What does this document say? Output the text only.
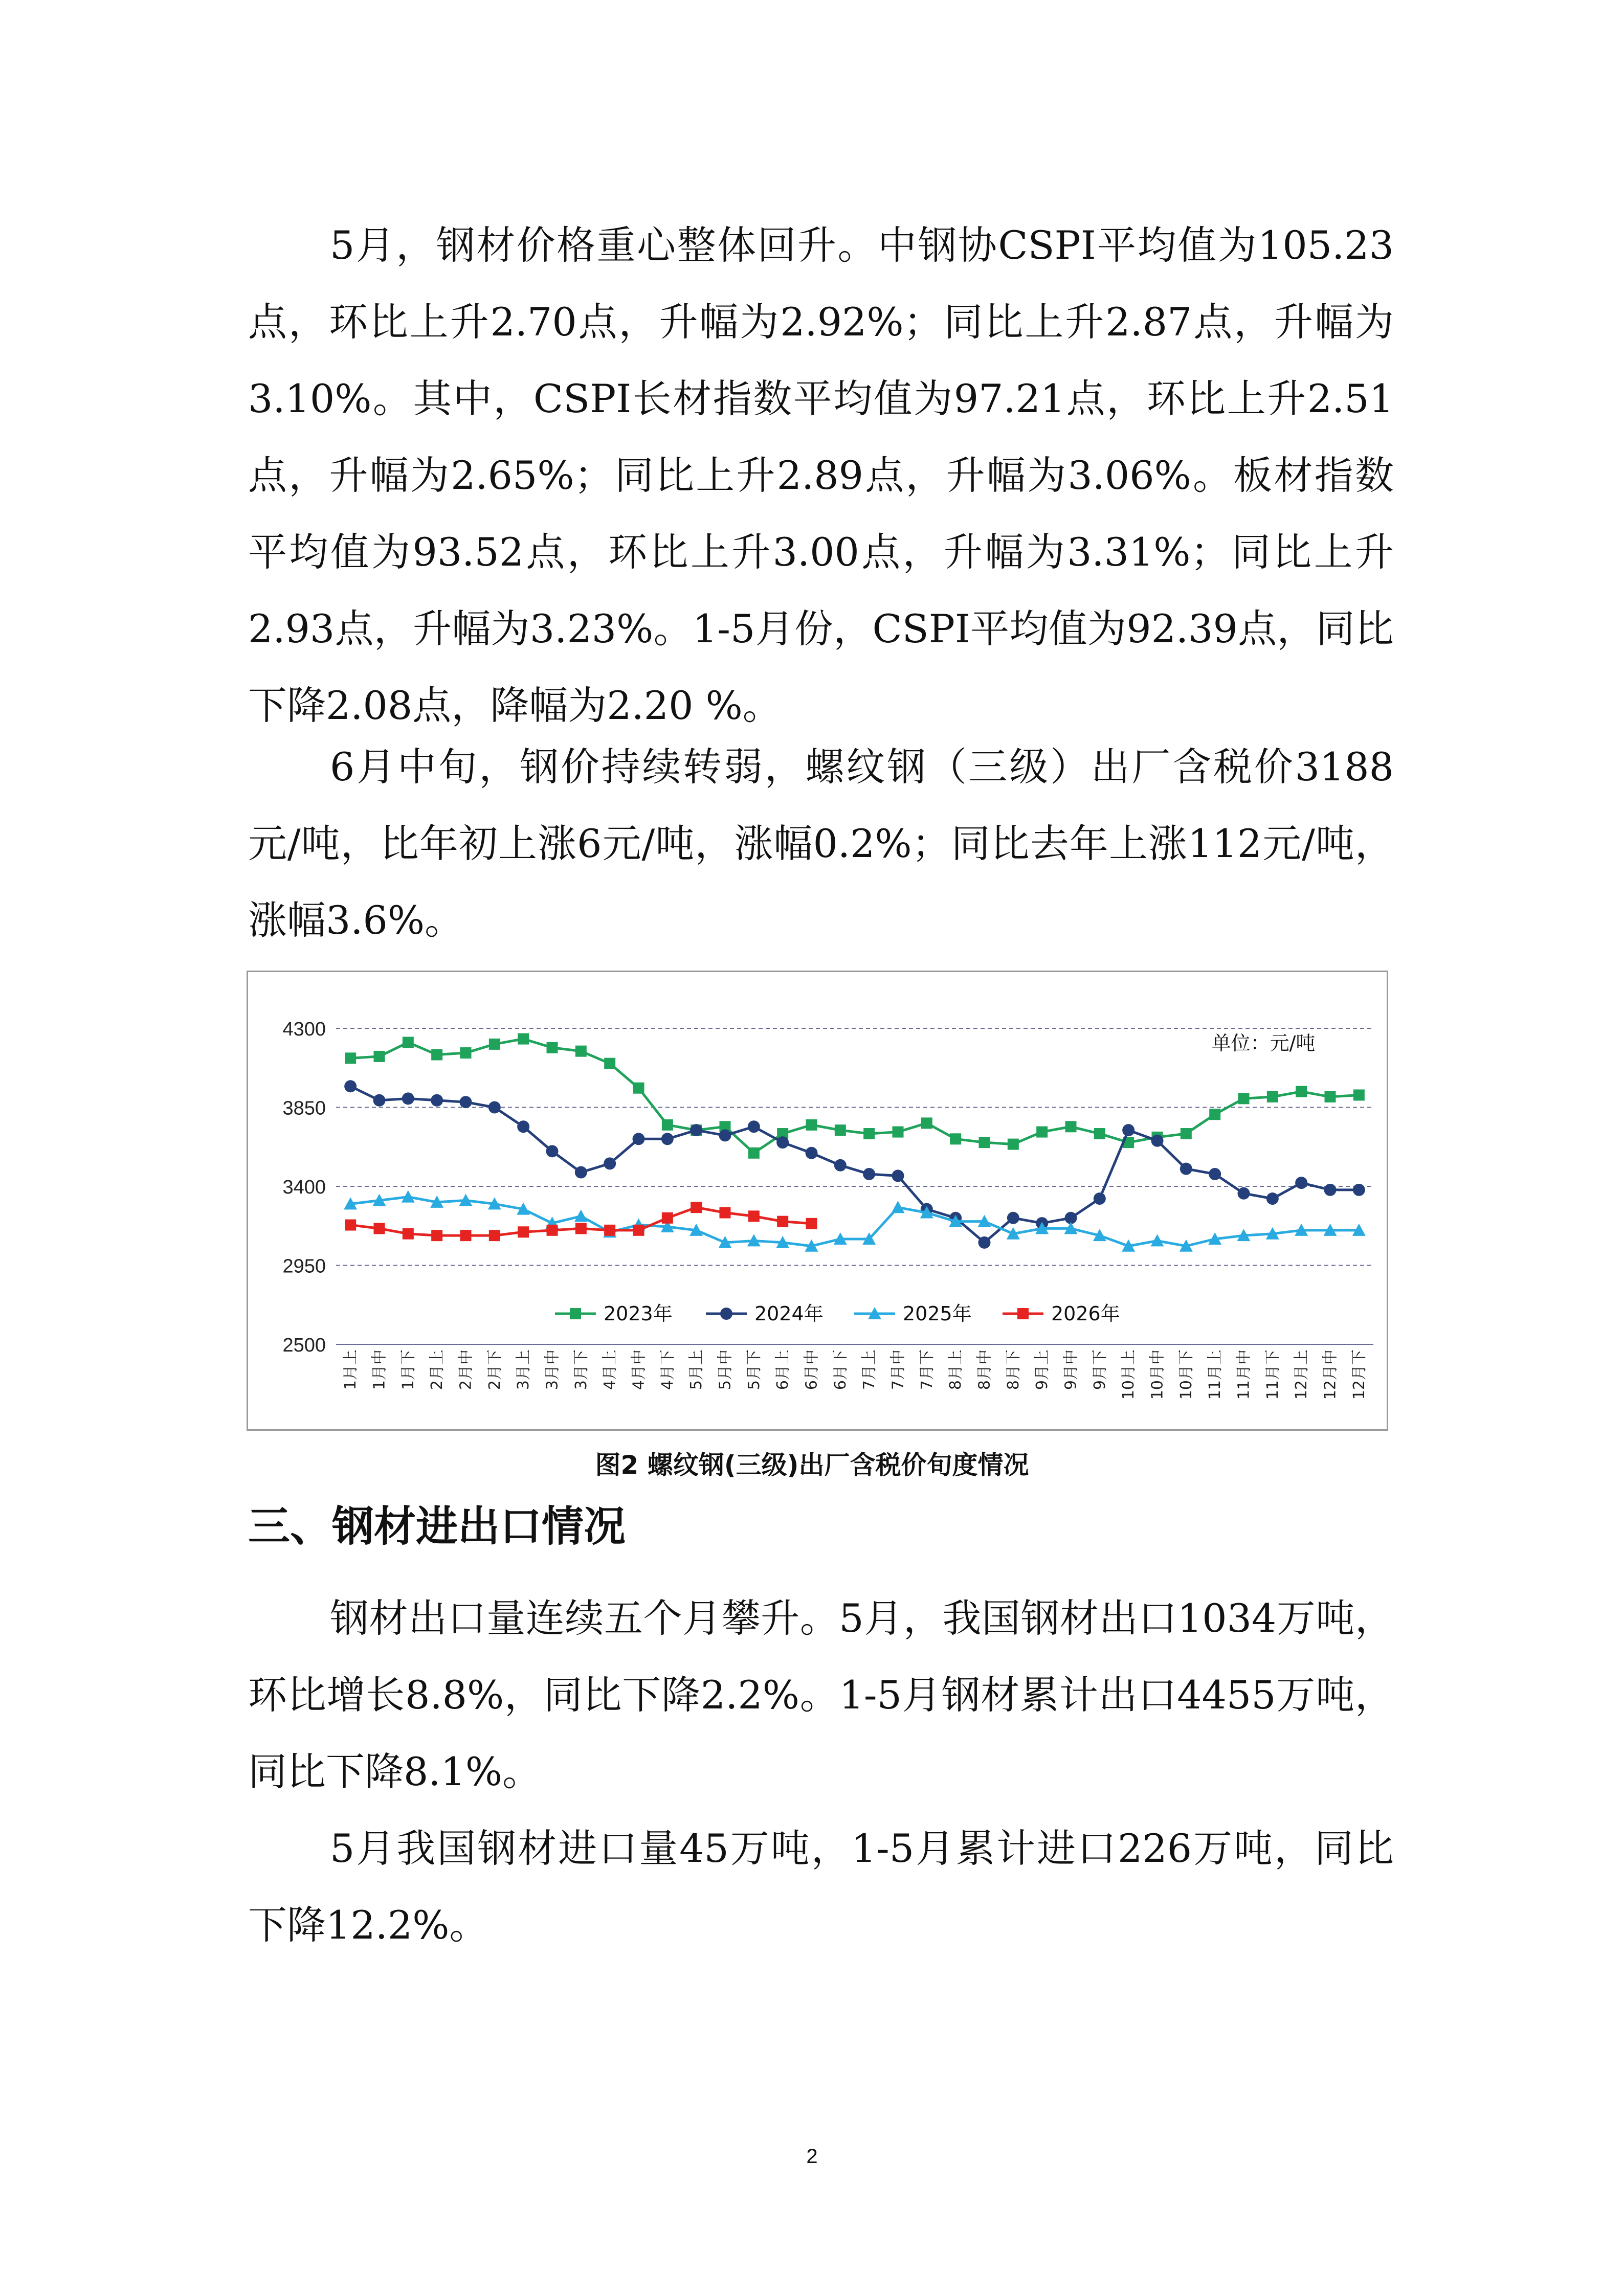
5月，钢材价格重心整体回升。中钢协CSPI平均值为105.23点，环比上升2.70点，升幅为2.92%；同比上升2.87点，升幅为3.10%。其中，CSPI长材指数平均值为97.21点，环比上升2.51点，升幅为2.65%；同比上升2.89点，升幅为3.06%。板材指数平均值为93.52点，环比上升3.00点，升幅为3.31%；同比上升2.93点，升幅为3.23%。1-5月份，CSPI平均值为92.39点，同比下降2.08点，降幅为2.20 %。

6月中旬，钢价持续转弱，螺纹钢（三级）出厂含税价3188元/吨，比年初上涨6元/吨，涨幅0.2%；同比去年上涨112元/吨，涨幅3.6%。

4300
3850
3400
2950
2500
1月上 1月中 1月下 2月上 2月中 2月下 3月上 3月中 3月下 4月上 4月中 4月下 5月上 5月中 5月下 6月上 6月中 6月下 7月上 7月中 7月下 8月上 8月中 8月下 9月上 9月中 9月下 10月上 10月中 10月下 11月上 11月中 11月下 12月上 12月中 12月下
单位：元/吨
2023年	2024年	2025年	2026年
图2 螺纹钢(三级)出厂含税价旬度情况
三、钢材进出口情况

钢材出口量连续五个月攀升。5月，我国钢材出口1034万吨，环比增长8.8%，同比下降2.2%。1-5月钢材累计出口4455万吨，同比下降8.1%。

5月我国钢材进口量45万吨，1-5月累计进口226万吨，同比下降12.2%。

2
